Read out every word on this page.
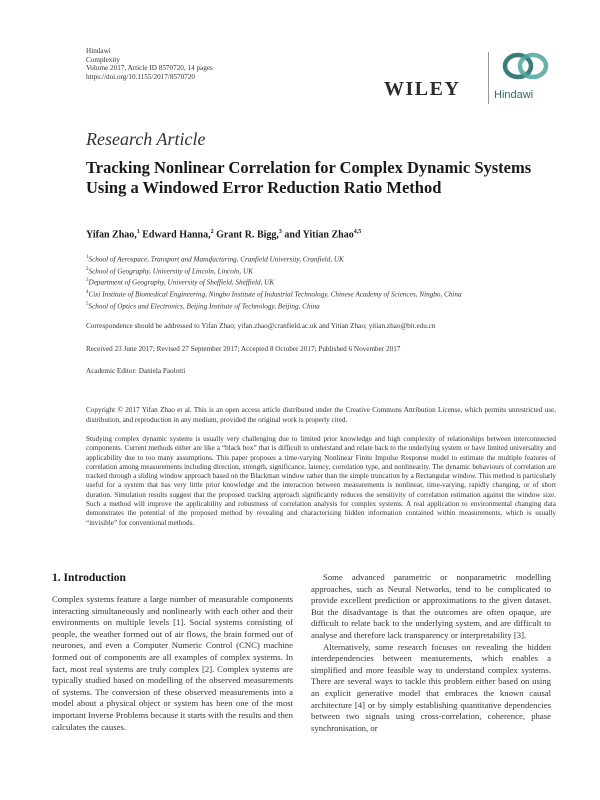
Hindawi
Complexity
Volume 2017, Article ID 8570720, 14 pages
https://doi.org/10.1155/2017/8570720
WILEY	Hindawi
Research Article
Tracking Nonlinear Correlation for Complex Dynamic Systems
Using a Windowed Error Reduction Ratio Method
Yifan Zhao,$^1$ Edward Hanna,$^2$ Grant R. Bigg,$^3$ and Yitian Zhao$^{4,5}$
$^1$School of Aerospace, Transport and Manufacturing, Cranfield University, Cranfield, UK
$^2$School of Geography, University of Lincoln, Lincoln, UK
$^3$Department of Geography, University of Sheffield, Sheffield, UK
$^4$Cixi Institute of Biomedical Engineering, Ningbo Institute of Industrial Technology, Chinese Academy of Sciences, Ningbo, China
$^5$School of Optics and Electronics, Beijing Institute of Technology, Beijing, China
Correspondence should be addressed to Yifan Zhao; yifan.zhao@cranfield.ac.uk and Yitian Zhao; yitian.zhao@bit.edu.cn
Received 23 June 2017; Revised 27 September 2017; Accepted 8 October 2017; Published 6 November 2017
Academic Editor: Daniela Paolotti
Copyright © 2017 Yifan Zhao et al. This is an open access article distributed under the Creative Commons Attribution License, which permits unrestricted use, distribution, and reproduction in any medium, provided the original work is properly cited.
Studying complex dynamic systems is usually very challenging due to limited prior knowledge and high complexity of relationships between interconnected components. Current methods either are like a “black box” that is difficult to understand and relate back to the underlying system or have limited universality and applicability due to too many assumptions. This paper proposes a time-varying Nonlinear Finite Impulse Response model to estimate the multiple features of correlation among measurements including direction, strength, significance, latency, correlation type, and nonlinearity. The dynamic behaviours of correlation are tracked through a sliding window approach based on the Blackman window rather than the simple truncation by a Rectangular window. This method is particularly useful for a system that has very little prior knowledge and the interaction between measurements is nonlinear, time-varying, rapidly changing, or of short duration. Simulation results suggest that the proposed tracking approach significantly reduces the sensitivity of correlation estimation against the window size. Such a method will improve the applicability and robustness of correlation analysis for complex systems. A real application to environmental changing data demonstrates the potential of the proposed method by revealing and characterising hidden information contained within measurements, which is usually “invisible” for conventional methods.
1. Introduction
Complex systems feature a large number of measurable components interacting simultaneously and nonlinearly with each other and their environments on multiple levels [1]. Social systems consisting of people, the weather formed out of air flows, the brain formed out of neurones, and even a Computer Numeric Control (CNC) machine formed out of components are all examples of complex systems. In fact, most real systems are truly complex [2]. Complex systems are typically studied based on modelling of the observed measurements of systems. The conversion of these observed measurements into a model about a physical object or system has been one of the most important Inverse Problems because it starts with the results and then calculates the causes.
Some advanced parametric or nonparametric modelling approaches, such as Neural Networks, tend to be complicated to provide excellent prediction or approximations to the given dataset. But the disadvantage is that the outcomes are often opaque, are difficult to relate back to the underlying system, and are difficult to analyse and therefore lack transparency or interpretability [3].
Alternatively, some research focuses on revealing the hidden interdependencies between measurements, which enables a simplified and more feasible way to understand complex systems. There are several ways to tackle this problem either based on using an explicit generative model that embraces the known causal architecture [4] or by simply establishing quantitative dependencies between two signals using cross-correlation, coherence, phase synchronisation, or
